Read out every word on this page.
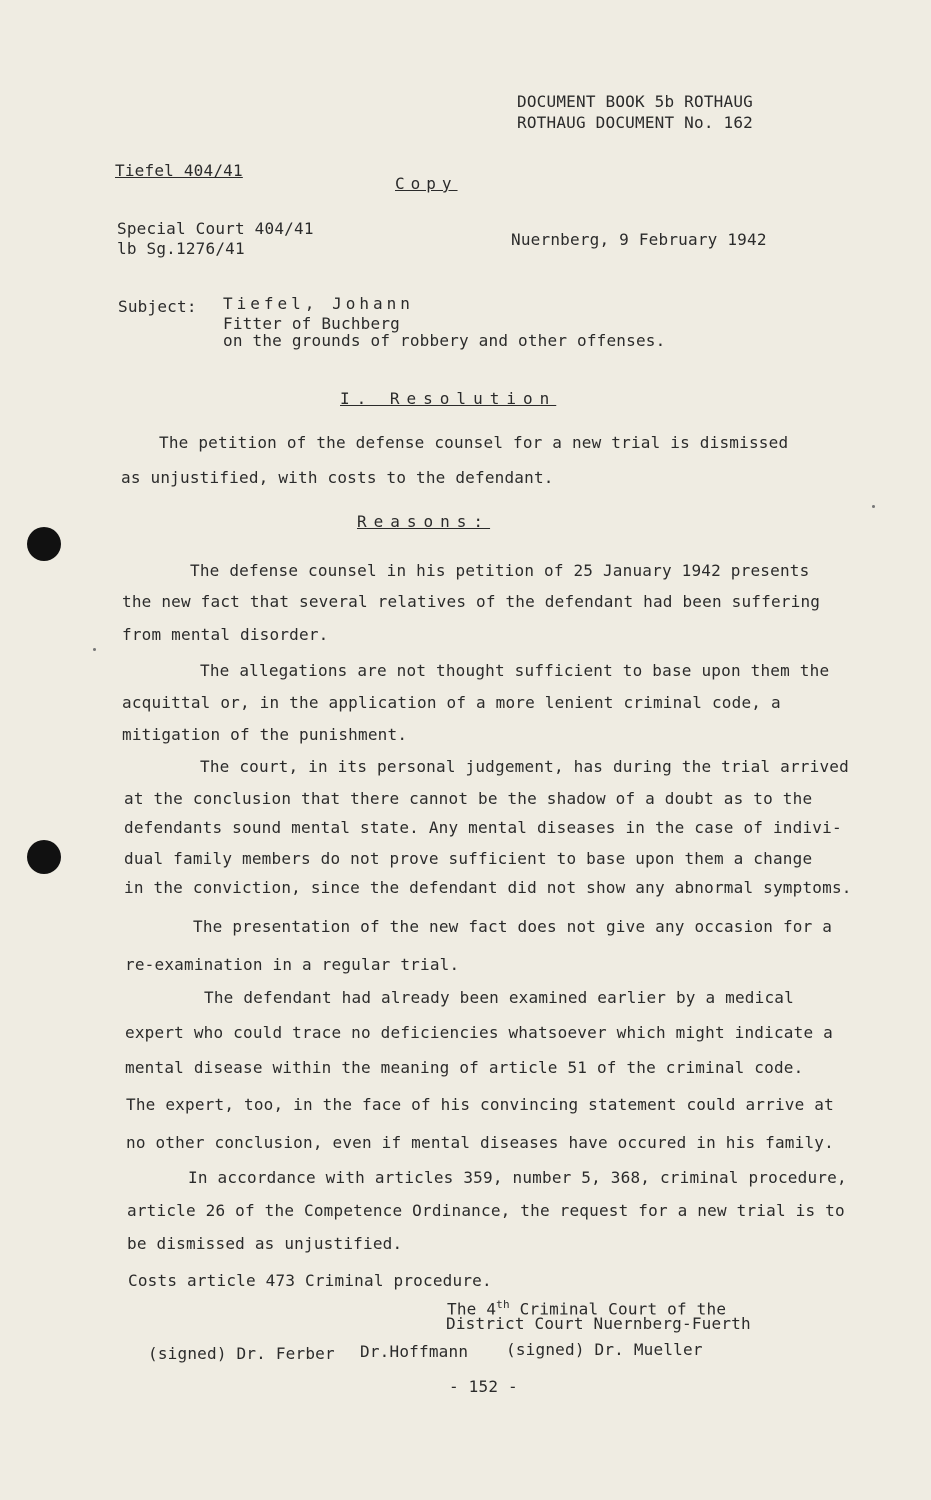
DOCUMENT BOOK 5b ROTHAUG
ROTHAUG DOCUMENT No. 162
Tiefel 404/41
Copy
Special Court 404/41
lb Sg.1276/41	Nuernberg, 9 February 1942
Subject: Tiefel, Johann
Fitter of Buchberg
on the grounds of robbery and other offenses.
I. Resolution
The petition of the defense counsel for a new trial is dismissed
as unjustified, with costs to the defendant.
Reasons:
The defense counsel in his petition of 25 January 1942 presents
the new fact that several relatives of the defendant had been suffering
from mental disorder.
The allegations are not thought sufficient to base upon them the
acquittal or, in the application of a more lenient criminal code, a
mitigation of the punishment.
The court, in its personal judgement, has during the trial arrived
at the conclusion that there cannot be the shadow of a doubt as to the
defendants sound mental state. Any mental diseases in the case of indivi-
dual family members do not prove sufficient to base upon them a change
in the conviction, since the defendant did not show any abnormal symptoms.
The presentation of the new fact does not give any occasion for a
re-examination in a regular trial.
The defendant had already been examined earlier by a medical
expert who could trace no deficiencies whatsoever which might indicate a
mental disease within the meaning of article 51 of the criminal code.
The expert, too, in the face of his convincing statement could arrive at
no other conclusion, even if mental diseases have occured in his family.
In accordance with articles 359, number 5, 368, criminal procedure,
article 26 of the Competence Ordinance, the request for a new trial is to
be dismissed as unjustified.
Costs article 473 Criminal procedure.
The 4th Criminal Court of the
District Court Nuernberg-Fuerth
(signed) Dr. Ferber Dr.Hoffmann (signed) Dr. Mueller
- 152 -
